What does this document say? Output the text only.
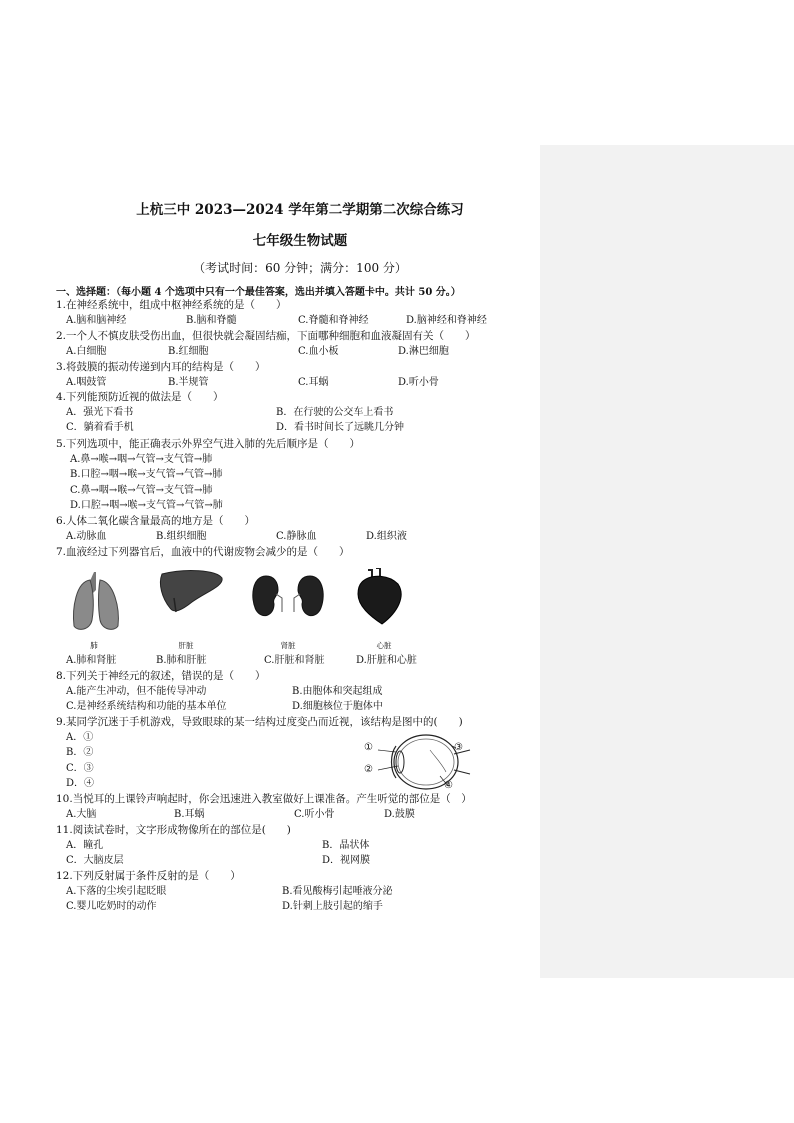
上杭三中 2023—2024 学年第二学期第二次综合练习
七年级生物试题
（考试时间：60 分钟；满分：100 分）
一、选择题：（每小题 4 个选项中只有一个最佳答案，选出并填入答题卡中。共计 50 分。）
1.在神经系统中，组成中枢神经系统的是（　　）
A.脑和脑神经	B.脑和脊髓	C.脊髓和脊神经	D.脑神经和脊神经
2.一个人不慎皮肤受伤出血，但很快就会凝固结痂，下面哪种细胞和血液凝固有关（　　）
A.白细胞	B.红细胞	C.血小板	D.淋巴细胞
3.将鼓膜的振动传递到内耳的结构是（　　）
A.咽鼓管	B.半规管	C.耳蜗	D.听小骨
4.下列能预防近视的做法是（　　）
A．强光下看书	B．在行驶的公交车上看书
C．躺着看手机	D．看书时间长了远眺几分钟
5.下列选项中，能正确表示外界空气进入肺的先后顺序是（　　）
A.鼻→喉→咽→气管→支气管→肺
B.口腔→咽→喉→支气管→气管→肺
C.鼻→咽→喉→气管→支气管→肺
D.口腔→咽→喉→支气管→气管→肺
6.人体二氧化碳含量最高的地方是（　　）
A.动脉血	B.组织细胞	C.静脉血	D.组织液
7.血液经过下列器官后，血液中的代谢废物会减少的是（　　）
肺	肝脏	肾脏	心脏
A.肺和肾脏	B.肺和肝脏	C.肝脏和肾脏	D.肝脏和心脏
8.下列关于神经元的叙述，错误的是（　　）
A.能产生冲动，但不能传导冲动	B.由胞体和突起组成
C.是神经系统结构和功能的基本单位	D.细胞核位于胞体中
9.某同学沉迷于手机游戏，导致眼球的某一结构过度变凸而近视，该结构是图中的(　　)
A．①
B．②
C．③
D．④
①
②
③
④
10.当悦耳的上课铃声响起时，你会迅速进入教室做好上课准备。产生听觉的部位是（　）
A.大脑	B.耳蜗	C.听小骨	D.鼓膜
11.阅读试卷时，文字形成物像所在的部位是(　　)
A．瞳孔	B．晶状体
C．大脑皮层	D．视网膜
12.下列反射属于条件反射的是（　　）
A.下落的尘埃引起眨眼	B.看见酸梅引起唾液分泌
C.婴儿吃奶时的动作	D.针刺上肢引起的缩手
